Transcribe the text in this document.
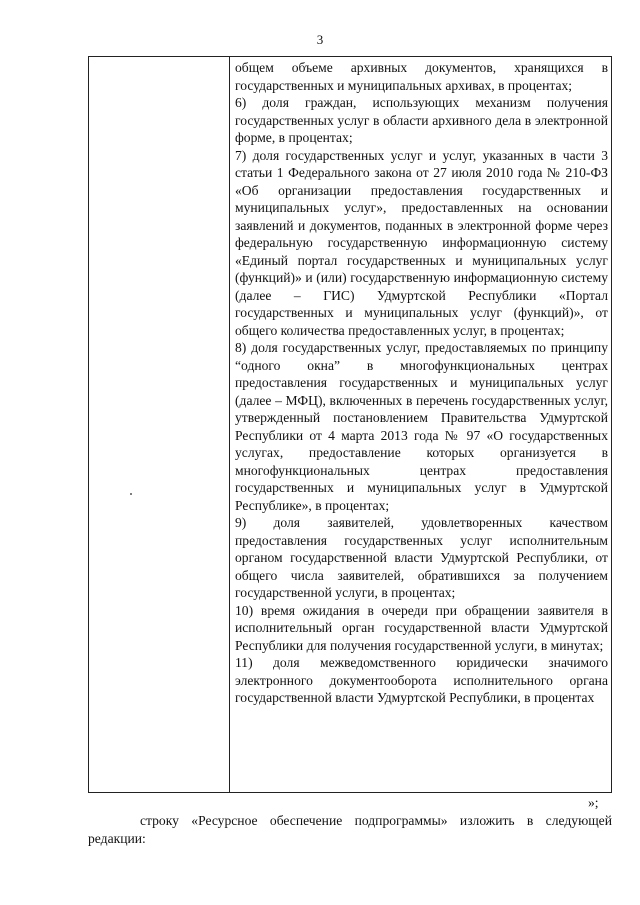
3

общем объеме архивных документов, хранящихся в государственных и муниципальных архивах, в процентах;

6) доля граждан, использующих механизм получения государственных услуг в области архивного дела в электронной форме, в процентах;

7) доля государственных услуг и услуг, указанных в части 3 статьи 1 Федерального закона от 27 июля 2010 года № 210-ФЗ «Об организации предоставления государственных и муниципальных услуг», предоставленных на основании заявлений и документов, поданных в электронной форме через федеральную государственную информационную систему «Единый портал государственных и муниципальных услуг (функций)» и (или) государственную информационную систему (далее – ГИС) Удмуртской Республики «Портал государственных и муниципальных услуг (функций)», от общего количества предоставленных услуг, в процентах;

8) доля государственных услуг, предоставляемых по принципу “одного окна” в многофункциональных центрах предоставления государственных и муниципальных услуг (далее – МФЦ), включенных в перечень государственных услуг, утвержденный постановлением Правительства Удмуртской Республики от 4 марта 2013 года № 97 «О государственных услугах, предоставление которых организуется в многофункциональных центрах предоставления государственных и муниципальных услуг в Удмуртской Республике», в процентах;

9) доля заявителей, удовлетворенных качеством предоставления государственных услуг исполнительным органом государственной власти Удмуртской Республики, от общего числа заявителей, обратившихся за получением государственной услуги, в процентах;

10) время ожидания в очереди при обращении заявителя в исполнительный орган государственной власти Удмуртской Республики для получения государственной услуги, в минутах;

11) доля межведомственного юридически значимого электронного документооборота исполнительного органа государственной власти Удмуртской Республики, в процентах

»;

строку «Ресурсное обеспечение подпрограммы» изложить в следующей редакции:
